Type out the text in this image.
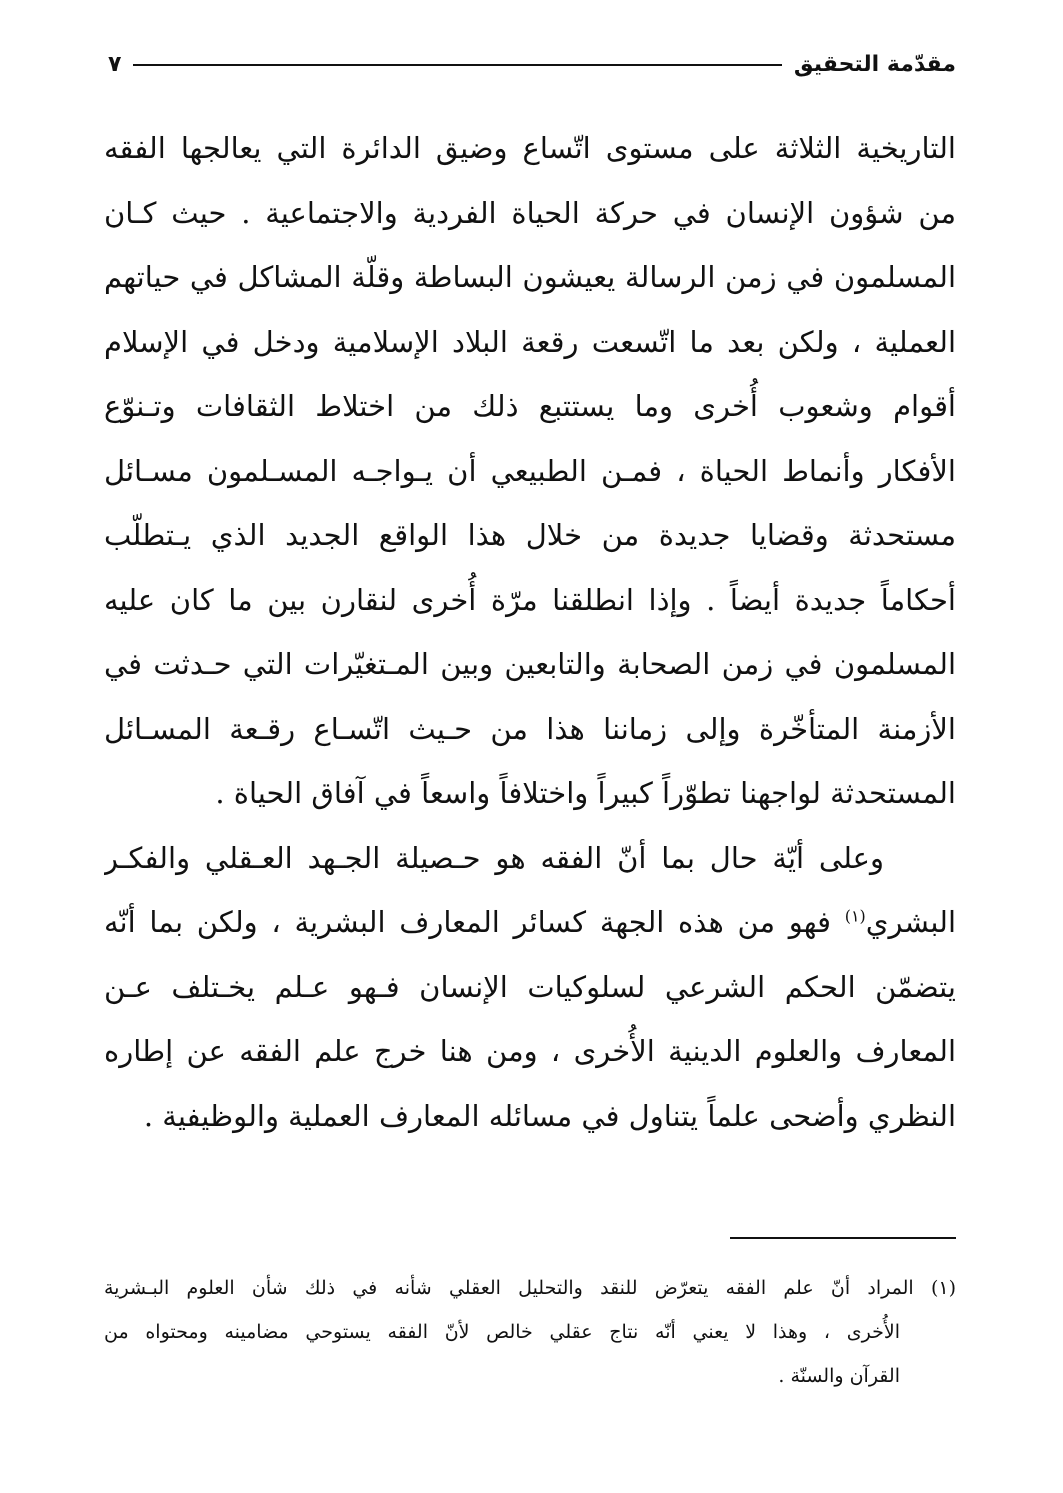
مقدّمة التحقيق
٧
التاريخية الثلاثة على مستوى اتّساع وضيق الدائرة التي يعالجها الفقه
من شؤون الإنسان في حركة الحياة الفردية والاجتماعية . حيث كـان
المسلمون في زمن الرسالة يعيشون البساطة وقلّة المشاكل في حياتهم
العملية ، ولكن بعد ما اتّسعت رقعة البلاد الإسلامية ودخل في الإسلام
أقوام وشعوب أُخرى وما يستتبع ذلك من اختلاط الثقافات وتـنوّع
الأفكار وأنماط الحياة ، فمـن الطبيعي أن يـواجـه المسـلمون مسـائل
مستحدثة وقضايا جديدة من خلال هذا الواقع الجديد الذي يـتطلّب
أحكاماً جديدة أيضاً . وإذا انطلقنا مرّة أُخرى لنقارن بين ما كان عليه
المسلمون في زمن الصحابة والتابعين وبين المـتغيّرات التي حـدثت في
الأزمنة المتأخّرة وإلى زماننا هذا من حـيث اتّسـاع رقـعة المسـائل
المستحدثة لواجهنا تطوّراً كبيراً واختلافاً واسعاً في آفاق الحياة .
وعلى أيّة حال بما أنّ الفقه هو حـصيلة الجـهد العـقلي والفكـر
البشري$^{(١)}$ فهو من هذه الجهة كسائر المعارف البشرية ، ولكن بما أنّه
يتضمّن الحكم الشرعي لسلوكيات الإنسان فـهو عـلم يخـتلف عـن
المعارف والعلوم الدينية الأُخرى ، ومن هنا خرج علم الفقه عن إطاره
النظري وأضحى علماً يتناول في مسائله المعارف العملية والوظيفية .
(١) المراد أنّ علم الفقه يتعرّض للنقد والتحليل العقلي شأنه في ذلك شأن العلوم البـشرية
الأُخرى ، وهذا لا يعني أنّه نتاج عقلي خالص لأنّ الفقه يستوحي مضامينه ومحتواه من
القرآن والسنّة .
